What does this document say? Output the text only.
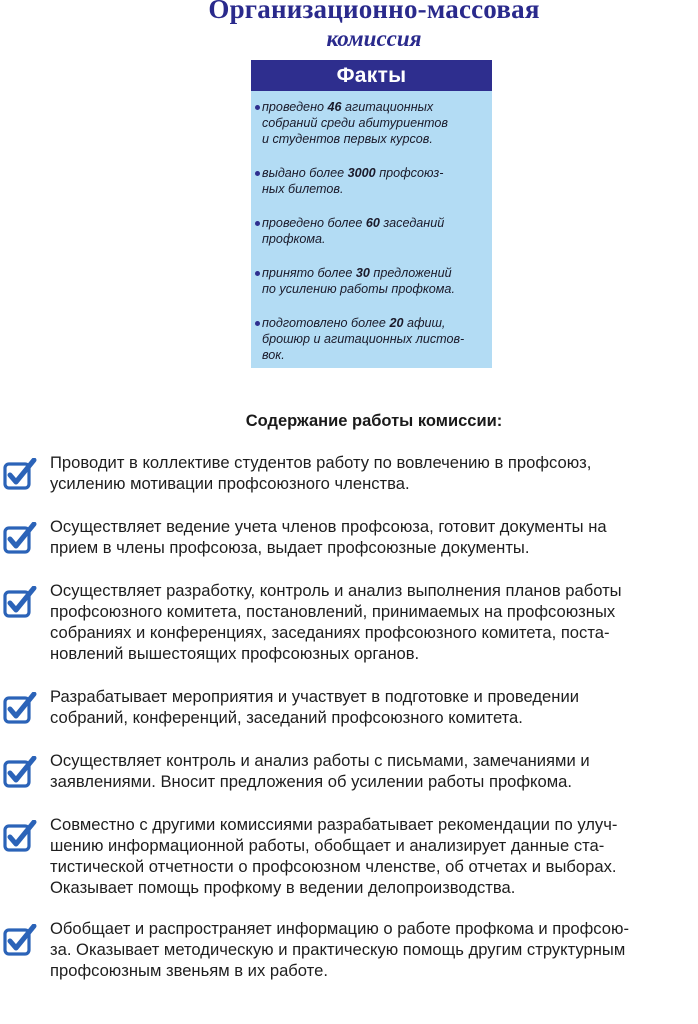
Организационно-массовая
комиссия
Факты
проведено 46 агитационных
собраний среди абитуриентов
и студентов первых курсов.
выдано более 3000 профсоюз-
ных билетов.
проведено более 60 заседаний
профкома.
принято более 30 предложений
по усилению работы профкома.
подготовлено более 20 афиш,
брошюр и агитационных листов-
вок.
Содержание работы комиссии:
Проводит в коллективе студентов работу по вовлечению в профсоюз,
усилению мотивации профсоюзного членства.
Осуществляет ведение учета членов профсоюза, готовит документы на
прием в члены профсоюза, выдает профсоюзные документы.
Осуществляет разработку, контроль и анализ выполнения планов работы
профсоюзного комитета, постановлений, принимаемых на профсоюзных
собраниях и конференциях, заседаниях профсоюзного комитета, поста-
новлений вышестоящих профсоюзных органов.
Разрабатывает мероприятия и участвует в подготовке и проведении
собраний, конференций, заседаний профсоюзного комитета.
Осуществляет контроль и анализ работы с письмами, замечаниями и
заявлениями. Вносит предложения об усилении работы профкома.
Совместно с другими комиссиями разрабатывает рекомендации по улуч-
шению информационной работы, обобщает и анализирует данные ста-
тистической отчетности о профсоюзном членстве, об отчетах и выборах.
Оказывает помощь профкому в ведении делопроизводства.
Обобщает и распространяет информацию о работе профкома и профсою-
за. Оказывает методическую и практическую помощь другим структурным
профсоюзным звеньям в их работе.
